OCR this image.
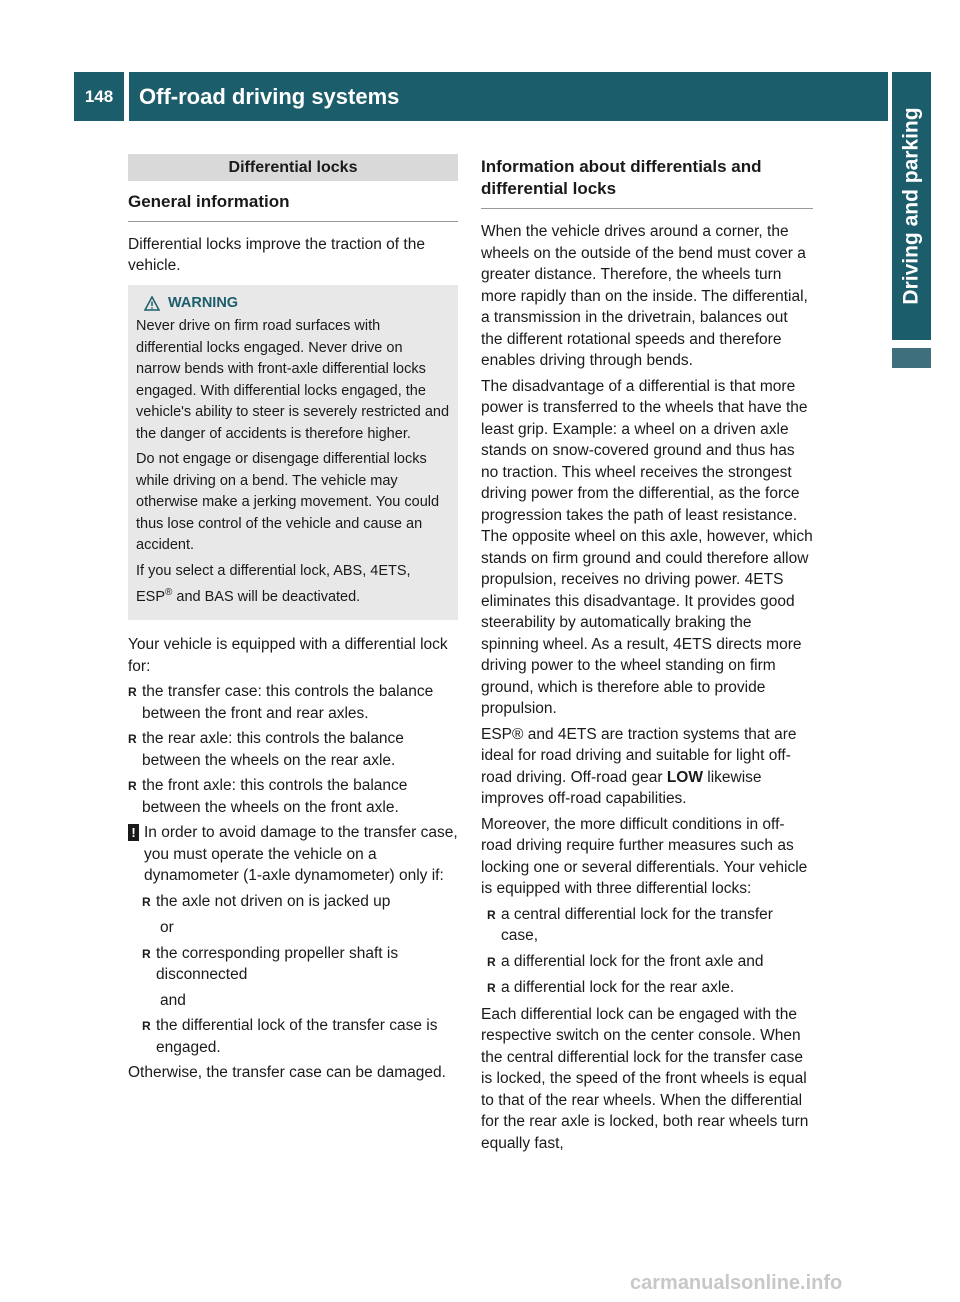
148	Off-road driving systems
Driving and parking
Differential locks
General information

Differential locks improve the traction of the vehicle.

WARNING

Never drive on firm road surfaces with differential locks engaged. Never drive on narrow bends with front-axle differential locks engaged. With differential locks engaged, the vehicle's ability to steer is severely restricted and the danger of accidents is therefore higher.

Do not engage or disengage differential locks while driving on a bend. The vehicle may otherwise make a jerking movement. You could thus lose control of the vehicle and cause an accident.

If you select a differential lock, ABS, 4ETS, ESP® and BAS will be deactivated.

Your vehicle is equipped with a differential lock for:

R the transfer case: this controls the balance between the front and rear axles.
R the rear axle: this controls the balance between the wheels on the rear axle.
R the front axle: this controls the balance between the wheels on the front axle.
! In order to avoid damage to the transfer case, you must operate the vehicle on a dynamometer (1-axle dynamometer) only if:
R the axle not driven on is jacked up
or
R the corresponding propeller shaft is disconnected
and
R the differential lock of the transfer case is engaged.

Otherwise, the transfer case can be damaged.

Information about differentials and differential locks

When the vehicle drives around a corner, the wheels on the outside of the bend must cover a greater distance. Therefore, the wheels turn more rapidly than on the inside. The differential, a transmission in the drivetrain, balances out the different rotational speeds and therefore enables driving through bends.

The disadvantage of a differential is that more power is transferred to the wheels that have the least grip. Example: a wheel on a driven axle stands on snow-covered ground and thus has no traction. This wheel receives the strongest driving power from the differential, as the force progression takes the path of least resistance. The opposite wheel on this axle, however, which stands on firm ground and could therefore allow propulsion, receives no driving power. 4ETS eliminates this disadvantage. It provides good steerability by automatically braking the spinning wheel. As a result, 4ETS directs more driving power to the wheel standing on firm ground, which is therefore able to provide propulsion.

ESP® and 4ETS are traction systems that are ideal for road driving and suitable for light off-road driving. Off-road gear LOW likewise improves off-road capabilities.

Moreover, the more difficult conditions in off-road driving require further measures such as locking one or several differentials. Your vehicle is equipped with three differential locks:

R a central differential lock for the transfer case,
R a differential lock for the front axle and
R a differential lock for the rear axle.

Each differential lock can be engaged with the respective switch on the center console. When the central differential lock for the transfer case is locked, the speed of the front wheels is equal to that of the rear wheels. When the differential for the rear axle is locked, both rear wheels turn equally fast,

carmanualsonline.info
